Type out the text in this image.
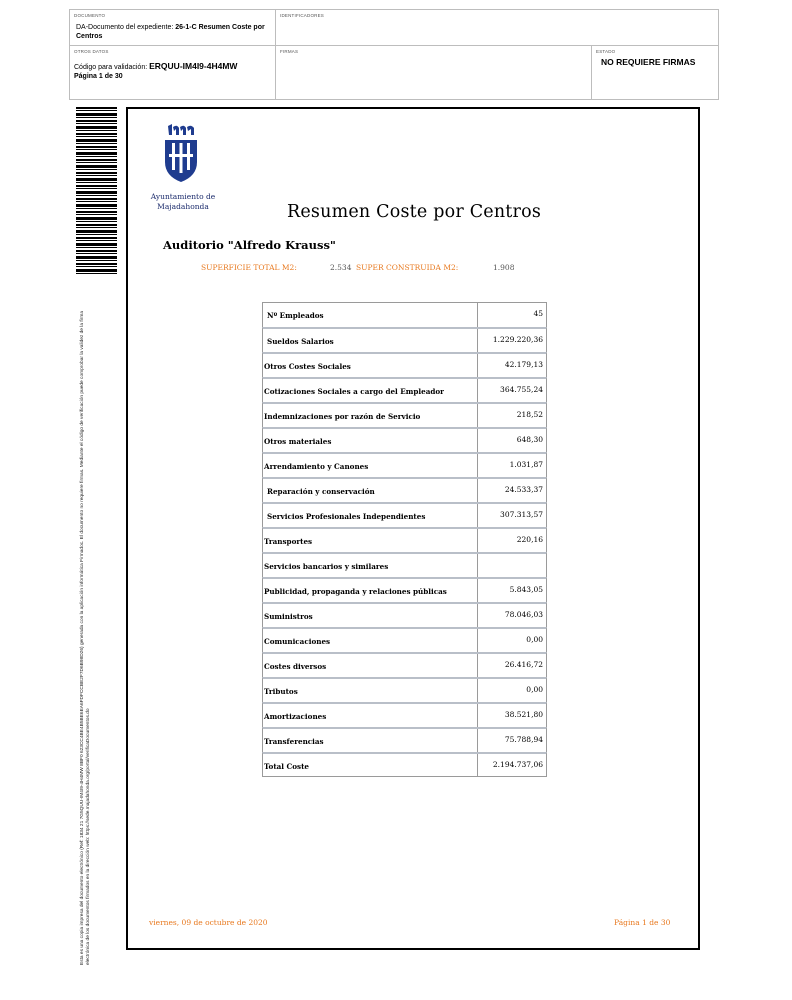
DOCUMENTO
DA-Documento del expediente: 26-1-C Resumen Coste por Centros
IDENTIFICADORES
OTROS DATOS
Código para validación: ERQUU-IM4I9-4H4MW
Página 1 de 30
FIRMAS	ESTADO
NO REQUIERE FIRMAS
Esta es una copia impresa del documento electrónico (Ref: 1834 21 7G5QUU-IM4I9-4H4MW 8BF0 623CC4BE4B5BE6EA6FDFCCBE2F7D6B98D26) generada con la aplicación informática Firmadoc. El documento no requiere firmas. Mediante el código de verificación puede comprobar la validez de la firma electrónica de los documentos firmados en la dirección web: https://sede.majadahonda.org/portal/verificaDocumentos.do
Ayuntamiento de
Majadahonda	Resumen Coste por Centros
Auditorio "Alfredo Krauss"
SUPERFICIE TOTAL M2:	2.534 SUPER CONSTRUIDA M2:	1.908
Nº Empleados	45
Sueldos Salarios	1.229.220,36
Otros Costes Sociales	42.179,13
Cotizaciones Sociales a cargo del Empleador	364.755,24
Indemnizaciones por razón de Servicio	218,52
Otros materiales	648,30
Arrendamiento y Canones	1.031,87
Reparación y conservación	24.533,37
Servicios Profesionales Independientes	307.313,57
Transportes	220,16
Servicios bancarios y similares
Publicidad, propaganda y relaciones públicas	5.843,05
Suministros	78.046,03
Comunicaciones	0,00
Costes diversos	26.416,72
Tributos	0,00
Amortizaciones	38.521,80
Transferencias	75.788,94
Total Coste	2.194.737,06
viernes, 09 de octubre de 2020	Página 1 de 30
